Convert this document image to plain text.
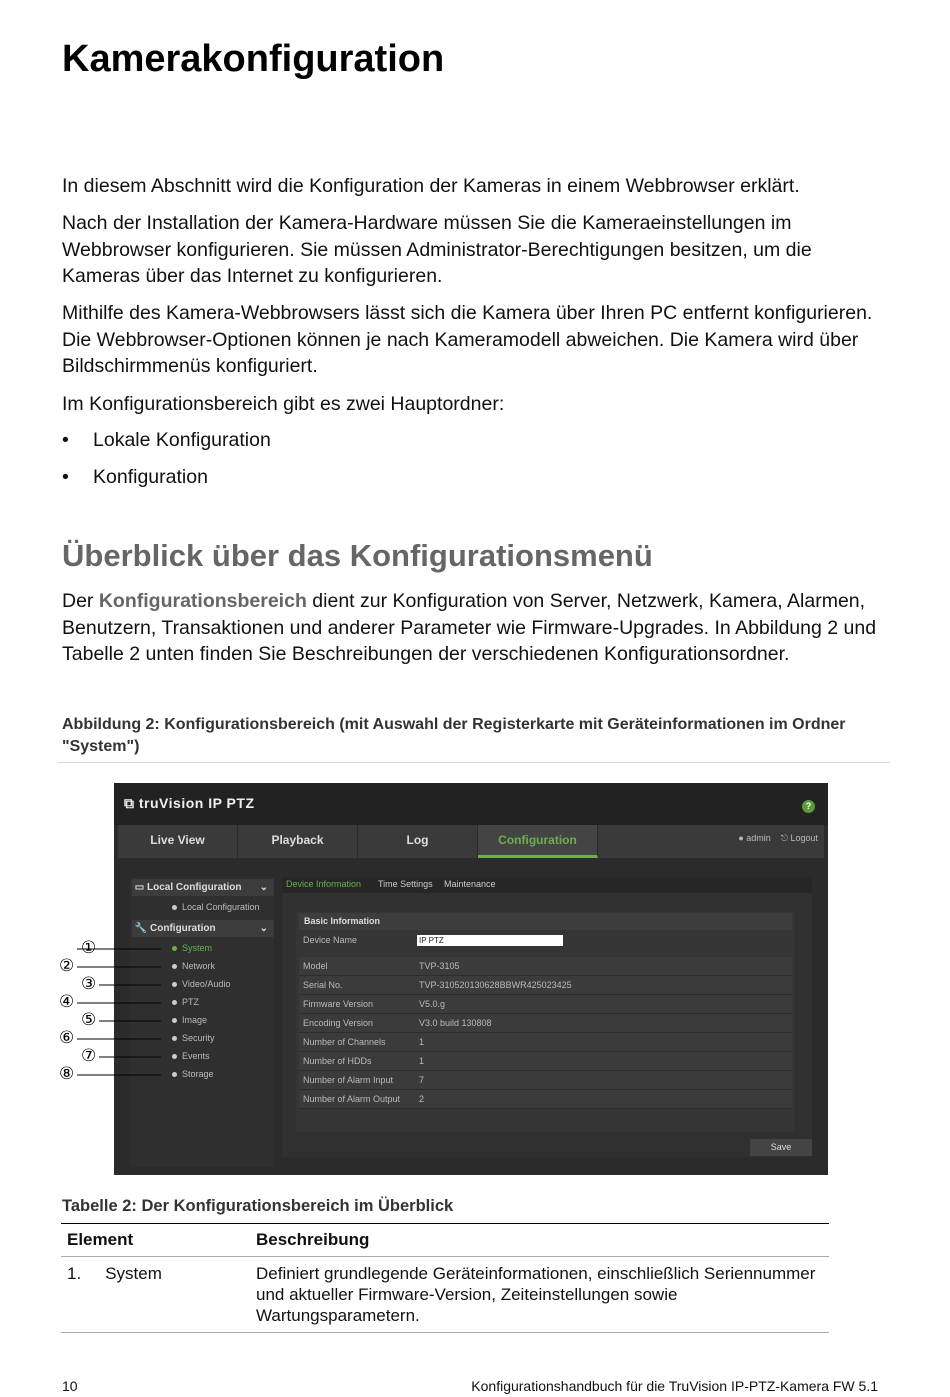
Kamerakonfiguration

In diesem Abschnitt wird die Konfiguration der Kameras in einem Webbrowser erklärt.

Nach der Installation der Kamera-Hardware müssen Sie die Kameraeinstellungen im Webbrowser konfigurieren. Sie müssen Administrator-Berechtigungen besitzen, um die Kameras über das Internet zu konfigurieren.

Mithilfe des Kamera-Webbrowsers lässt sich die Kamera über Ihren PC entfernt konfigurieren. Die Webbrowser-Optionen können je nach Kameramodell abweichen. Die Kamera wird über Bildschirmmenüs konfiguriert.

Im Konfigurationsbereich gibt es zwei Hauptordner:

• Lokale Konfiguration
• Konfiguration
Überblick über das Konfigurationsmenü

Der Konfigurationsbereich dient zur Konfiguration von Server, Netzwerk, Kamera, Alarmen, Benutzern, Transaktionen und anderer Parameter wie Firmware-Upgrades. In Abbildung 2 und Tabelle 2 unten finden Sie Beschreibungen der verschiedenen Konfigurationsordner.

Abbildung 2: Konfigurationsbereich (mit Auswahl der Registerkarte mit Geräteinformationen im Ordner "System")

⧉ truVision IP PTZ	?
Live View	Playback	Log	Configuration	● admin ⎋ Logout
▭ Local Configuration ⌄
Local Configuration
🔧 Configuration	⌄
System
Network
Video/Audio
PTZ
Image
Security
Events
Storage
Device Information Time Settings Maintenance
Basic Information
Device Name	IP PTZ
Model	TVP-3105
Serial No.	TVP-310520130628BBWR425023425
Firmware Version	V5.0.g
Encoding Version	V3.0 build 130808
Number of Channels	1
Number of HDDs	1
Number of Alarm Input	7
Number of Alarm Output 2
Save
①
②
③
④
⑤
⑥
⑦
⑧
Tabelle 2: Der Konfigurationsbereich im Überblick
Element	Beschreibung
1. System	Definiert grundlegende Geräteinformationen, einschließlich Seriennummer und aktueller Firmware-Version, Zeiteinstellungen sowie Wartungsparametern.
10	Konfigurationshandbuch für die TruVision IP-PTZ-Kamera FW 5.1
